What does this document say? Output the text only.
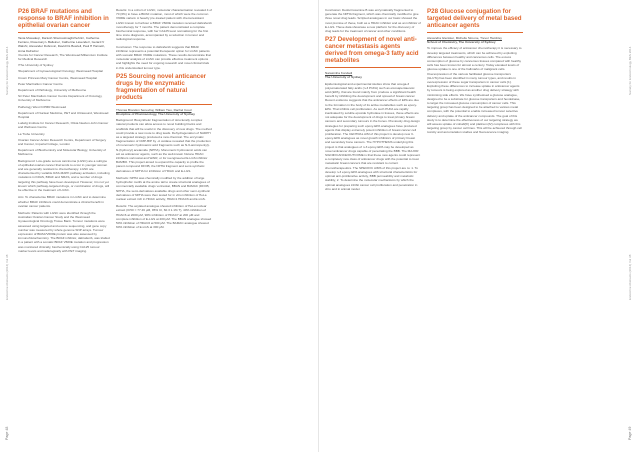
Page 48
Endocrine Abstracts (2014) Vol 38
Society for Endocrinology BES 2014
P26 BRAF mutations and response to BRAF inhibition in epithelial ovarian cancer
Tania Mosadeq¹, Dariush Shamsolmaghzhehrin¹, Catherine Ferrano, Rosemary L Balleine¹, Catherine Lavender¹, Gerard V Walsh¹, Alexander Dobrovic, David DL Bowtell, Paul H Harnett¹, Anna DeFazio¹
¹Centre for Cancer Research, The Westmead Millennium Institute for Medical Research
²The University of Sydney
³Department of Gynaecological Oncology, Westmead Hospital
Crown Princess Mary Cancer Centre, Westmead Hospital
Peter MacCallum Cancer Centre
Department of Pathology, University of Melbourne
Sir Peter MacCallum Cancer Centre Department of Oncology, University of Melbourne
Pathology West ICPMR Westmead
Department of Nuclear Medicine, PET and Ultrasound, Westmead Hospital
Ludwig Institute for Cancer Research, Olivia Newton-John Cancer and Wellness Centre
La Trobe University
Ovarian Cancer Action Research Centre, Department of Surgery and Cancer, Imperial College, London
Department of Biochemistry and Molecular Biology, University of Melbourne

Background: Low-grade serous carcinoma (LGSC) are a subtype of epithelial ovarian cancer that tends to occur in younger women and are generally resistant to chemotherapy. LGSC are characterised by variable RAS-MAPK pathway activation, including mutations in KRAS, BRAF and NRAS, and a number of drugs targeting this pathway have been developed. However, it is not yet known which pathway-targeted drugs, or combination of drugs, will be effective in the treatment of LGSC.

Aim: To characterise BRAF mutations in LGSC and to determine whether BRAF inhibitors could demonstrate a clinical benefit in ovarian cancer patients.

Methods: Patients with LGSC were identified through the Australian Ovarian Cancer Study and the Westmead Gynaecological Oncology Tissue Bank. Tumour mutations were assessed using targeted and exome sequencing, and gene copy number was measured by whole genome SNP arrays. Tumour expression of BRAF/V600E protein was also assessed by immunohistochemistry. The BRAF inhibitor, dabrafenib, was trialled in a patient with a somatic BRAF V600E mutation and progression was monitored clinically, biochemically using CA125 tumour marker levels and radiologically with PET imaging.

Results: In a cohort of LGSC, molecular characterisation revealed 4 of 70 (6%) to have a BRAF mutation, most of which were the common V600E variant. A heavily pre-treated patient with chemoresistant LGSC known to harbour a BRAF V600E mutation received dabrafenib monotherapy for 7 months. The patient demonstrated a complete biochemical response, with her CA125 level normalising for the first time since diagnosis, accompanied by a reduction in tumour and radiological response.

Conclusion: The response to dabrafenib suggests that BRAF inhibition represents a potential therapeutic option for LGSC patients with somatic BRAF V600E mutations. These results demonstrate that molecular analysis of LGSC can provide effective treatment options and highlights the need for ongoing research and novel clinical trials in this understudied tumour type.

P25 Sourcing novel anticancer drugs by the enzymatic fragmentation of natural products
Thomas Brandon Seneviraj, William Tieu, Rachel Cood
Discipline of Pharmacology, The University of Sydney

Background: Biosynthetic fragmentation of structurally complex natural products can allow access to novel building blocks and scaffolds that will be useful in the discovery of new drugs. The method could provide a new route to drug leads. Dehydrogenation of NADPH as a targeted strategy produced a new chemical. The enzymatic fragmentation of CMP-BIP by -A oxidase revealed that the production of monomeric hydroxamic acid fragments such as N-6-aminopentyl)-N-(hydroxyl) acetamide (NPHA). Monomeric hydroxamic acids can act as anticancer agents, such as the well-known histone HDAC inhibitors vorinostat and WAIR, or for reengineered E-LGS inhibitor BAMBO. This project aimed to expand the capacity to profile the parent compound DFOB, the NPHA fragment and semi-synthetic derivatives of NPHA for inhibition of HDAC and E-LGS.

Methods: NPHA was chemically modified by the addition of large hydrophobic motifs at the amine tail to create structural analogues of commercially available drugs vorinostat, BBAN and BAMAC (DFOB, NPHA, the semi-derivatives available drugs and other semi-synthetic derivatives of NPHA were then tested for in vitro inhibition of HeLa nuclear extract rich in HDAC activity, HDAC1 HDAC6 and E-LGS.

Results: The acylated analogue showed inhibition of HeLa nuclear extract (IC50 = 77.46 µM, 95% CI, 60.3 1.1% T), 40% inhibition of HDAC6 at 2000 µM, 90% inhibition of HDAC7 at 200 µM and complete inhibition of E-LGS at 200 µM. The BBAN analogue showed 50% inhibition of HDAC6 at 500 µM. The BAMAC analogue showed 60% inhibition of E-LGS at 300 µM.

Conclusion: Desferrioxamine B was enzymatically fragmented to generate the NPHA fragment, which was chemically modified to give three novel drug leads. Scripted analogues in our basic showed the most promise of these, both as a HDAC inhibitor and as an inhibitor of E-LGS. These data showcase a new platform for the discovery of drug leads for the treatment of cancer and other conditions.

P27 Development of novel anti-cancer metastasis agents derived from omega-3 fatty acid metabolites
Narasimha Kondadi
The University of Sydney

Epidemiological and experimental studies show that omega-3 polyunsaturated fatty acids (n-3 PUFA) such as eicosapentaenoic acid (EPA), that are found mainly from produce a significant health benefit by inhibiting the development and spread of breast cancer. Recent evidence suggests that the anticancer effects of EPA are due to the formation in the body of its active metabolites such as epoxy-EPA. That inhibits cell proliferation. As such PUFA are rapidly inactivated by soluble epoxide hydrolase in tissues, these effects are not adequate for the development of drugs to treat primary breast cancers and secondary tumours in the bones. Previously drug design strategies for preparing such epoxy-EPA analogues have produced agents that display extremely potent inhibition of breast cancer cell proliferation. The CENTRAL AIM of this project is develop new 3-epoxy-EPA analogues as novel growth inhibitors of primary breast and secondary bone cancers. The HYPOTHESIS underlying this project is that analogues of n-3 epoxy-EPA may be developed as novel anticancer drugs capable of penetrating the BBB. The MAJOR SIGNIFICANCE/OUTCOME is that these new agents could represent a completely new class of anticancer drugs with the potential to treat metastatic breast cancers that are resistant to current chemotherapeutics. The SPECIFIC AIMS of this project are to: 1. To develop n-3 epoxy-EPA analogues with structural characteristics for optimal anti-proliferative activity, BBB permeability and metabolic stability, 2. To determine the molecular mechanisms by which the optimal analogues inhibit cancer cell proliferation and penetration in vitro and in animal model.

P28 Glucose conjugation for targeted delivery of metal based anticancer agents
Alexandra Glenister, Michelle Simone, Trevor Hambley
School of Chemistry, The University of Sydney

To improve the efficacy of anticancer chemotherapy it is necessary to develop targeted treatments, which can be achieved by exploiting differences between healthy and cancerous cells. The excess consumption of glucose by cancerous tissues compared with healthy cells has been known for almost a century. Today elevated levels of glucose uptake is one of the hallmarks of malignant cells. Overexpression of the various facilitated glucose transporters (GLUTs) has been identified in many tumour types, and results in overexpression of these sugar transporters in cancer cells [1]. Exploiting these differences to increase uptake in anticancer agents by tumours is being explored as another drug delivery strategy with minimising side effects. We have synthesised a glucose analogue, designed to be a substrate for glucose transporters and hexokinase, to target the increased glucose consumption of cancer cells. This targeting group has been designed to be attached to various metal complexes, with the potential to enable increased tumour selective delivery and uptake of the anticancer compounds. The goal of this study is to determine the effectiveness of our targeting strategy we will assess uptake of cobalt(III) and platinum(IV) complexes with this targeting group by cancer cell lines. This will be achieved through cell toxicity and accumulation studies and fluorescence imaging.

Page 49
Endocrine Abstracts (2014) Vol 38
Society for Endocrinology BES 2014
